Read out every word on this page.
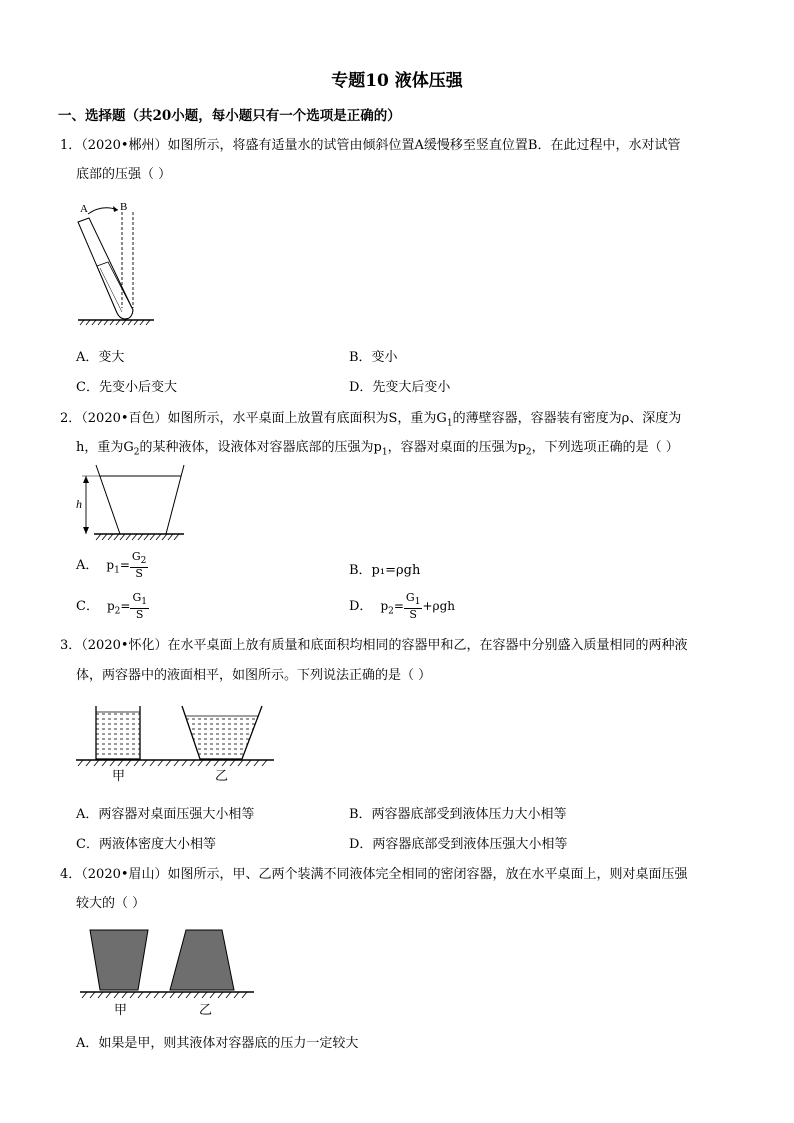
专题10 液体压强
一、选择题（共20小题，每小题只有一个选项是正确的）
1．（2020•郴州）如图所示，将盛有适量水的试管由倾斜位置A缓慢移至竖直位置B．在此过程中，水对试管
底部的压强（ ）
A	B
A．变大	B．变小
C．先变小后变大	D．先变大后变小
2．（2020•百色）如图所示，水平桌面上放置有底面积为S，重为$G_1$的薄壁容器，容器装有密度为ρ、深度为
h，重为$G_2$的某种液体，设液体对容器底部的压强为$p_1$，容器对桌面的压强为$p_2$，下列选项正确的是（ ）
h
A． $p_1= \frac{G_2}{S}$	B．p₁=ρgh
C． $p_2= \frac{G_1}{S}$	D． $p_2= \frac{G_1}{S} +\rho gh$
3．（2020•怀化）在水平桌面上放有质量和底面积均相同的容器甲和乙，在容器中分别盛入质量相同的两种液
体，两容器中的液面相平，如图所示。下列说法正确的是（ ）
甲	乙
A．两容器对桌面压强大小相等	B．两容器底部受到液体压力大小相等
C．两液体密度大小相等	D．两容器底部受到液体压强大小相等
4．（2020•眉山）如图所示，甲、乙两个装满不同液体完全相同的密闭容器，放在水平桌面上，则对桌面压强
较大的（ ）
甲	乙
A．如果是甲，则其液体对容器底的压力一定较大
